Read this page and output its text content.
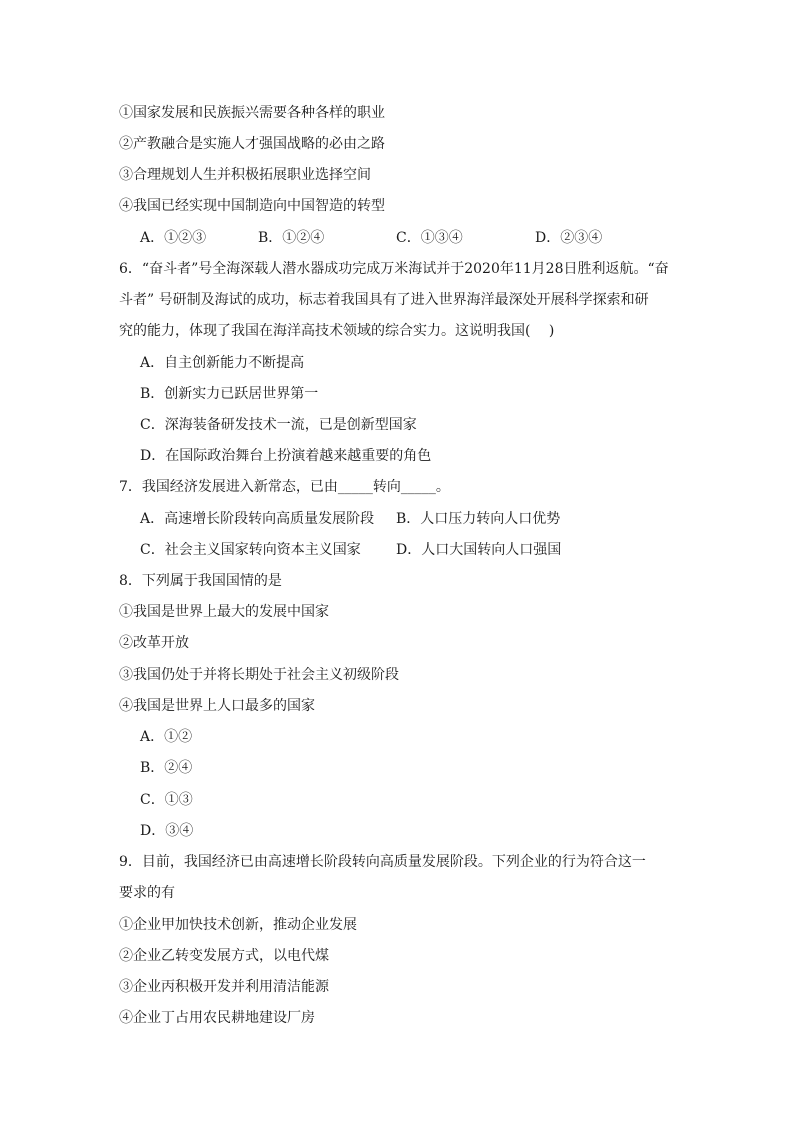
①国家发展和民族振兴需要各种各样的职业
②产教融合是实施人才强国战略的必由之路
③合理规划人生并积极拓展职业选择空间
④我国已经实现中国制造向中国智造的转型
A．①②③	B．①②④	C．①③④	D．②③④
6．“奋斗者”号全海深载人潜水器成功完成万米海试并于2020年11月28日胜利返航。“奋
斗者” 号研制及海试的成功，标志着我国具有了进入世界海洋最深处开展科学探索和研
究的能力，体现了我国在海洋高技术领域的综合实力。这说明我国(　 )
A．自主创新能力不断提高
B．创新实力已跃居世界第一
C．深海装备研发技术一流，已是创新型国家
D．在国际政治舞台上扮演着越来越重要的角色
7．我国经济发展进入新常态，已由_____转向_____。
A．高速增长阶段转向高质量发展阶段 B．人口压力转向人口优势
C．社会主义国家转向资本主义国家	D．人口大国转向人口强国
8．下列属于我国国情的是
①我国是世界上最大的发展中国家
②改革开放
③我国仍处于并将长期处于社会主义初级阶段
④我国是世界上人口最多的国家
A．①②
B．②④
C．①③
D．③④
9．目前，我国经济已由高速增长阶段转向高质量发展阶段。下列企业的行为符合这一
要求的有
①企业甲加快技术创新，推动企业发展
②企业乙转变发展方式，以电代煤
③企业丙积极开发并利用清洁能源
④企业丁占用农民耕地建设厂房
